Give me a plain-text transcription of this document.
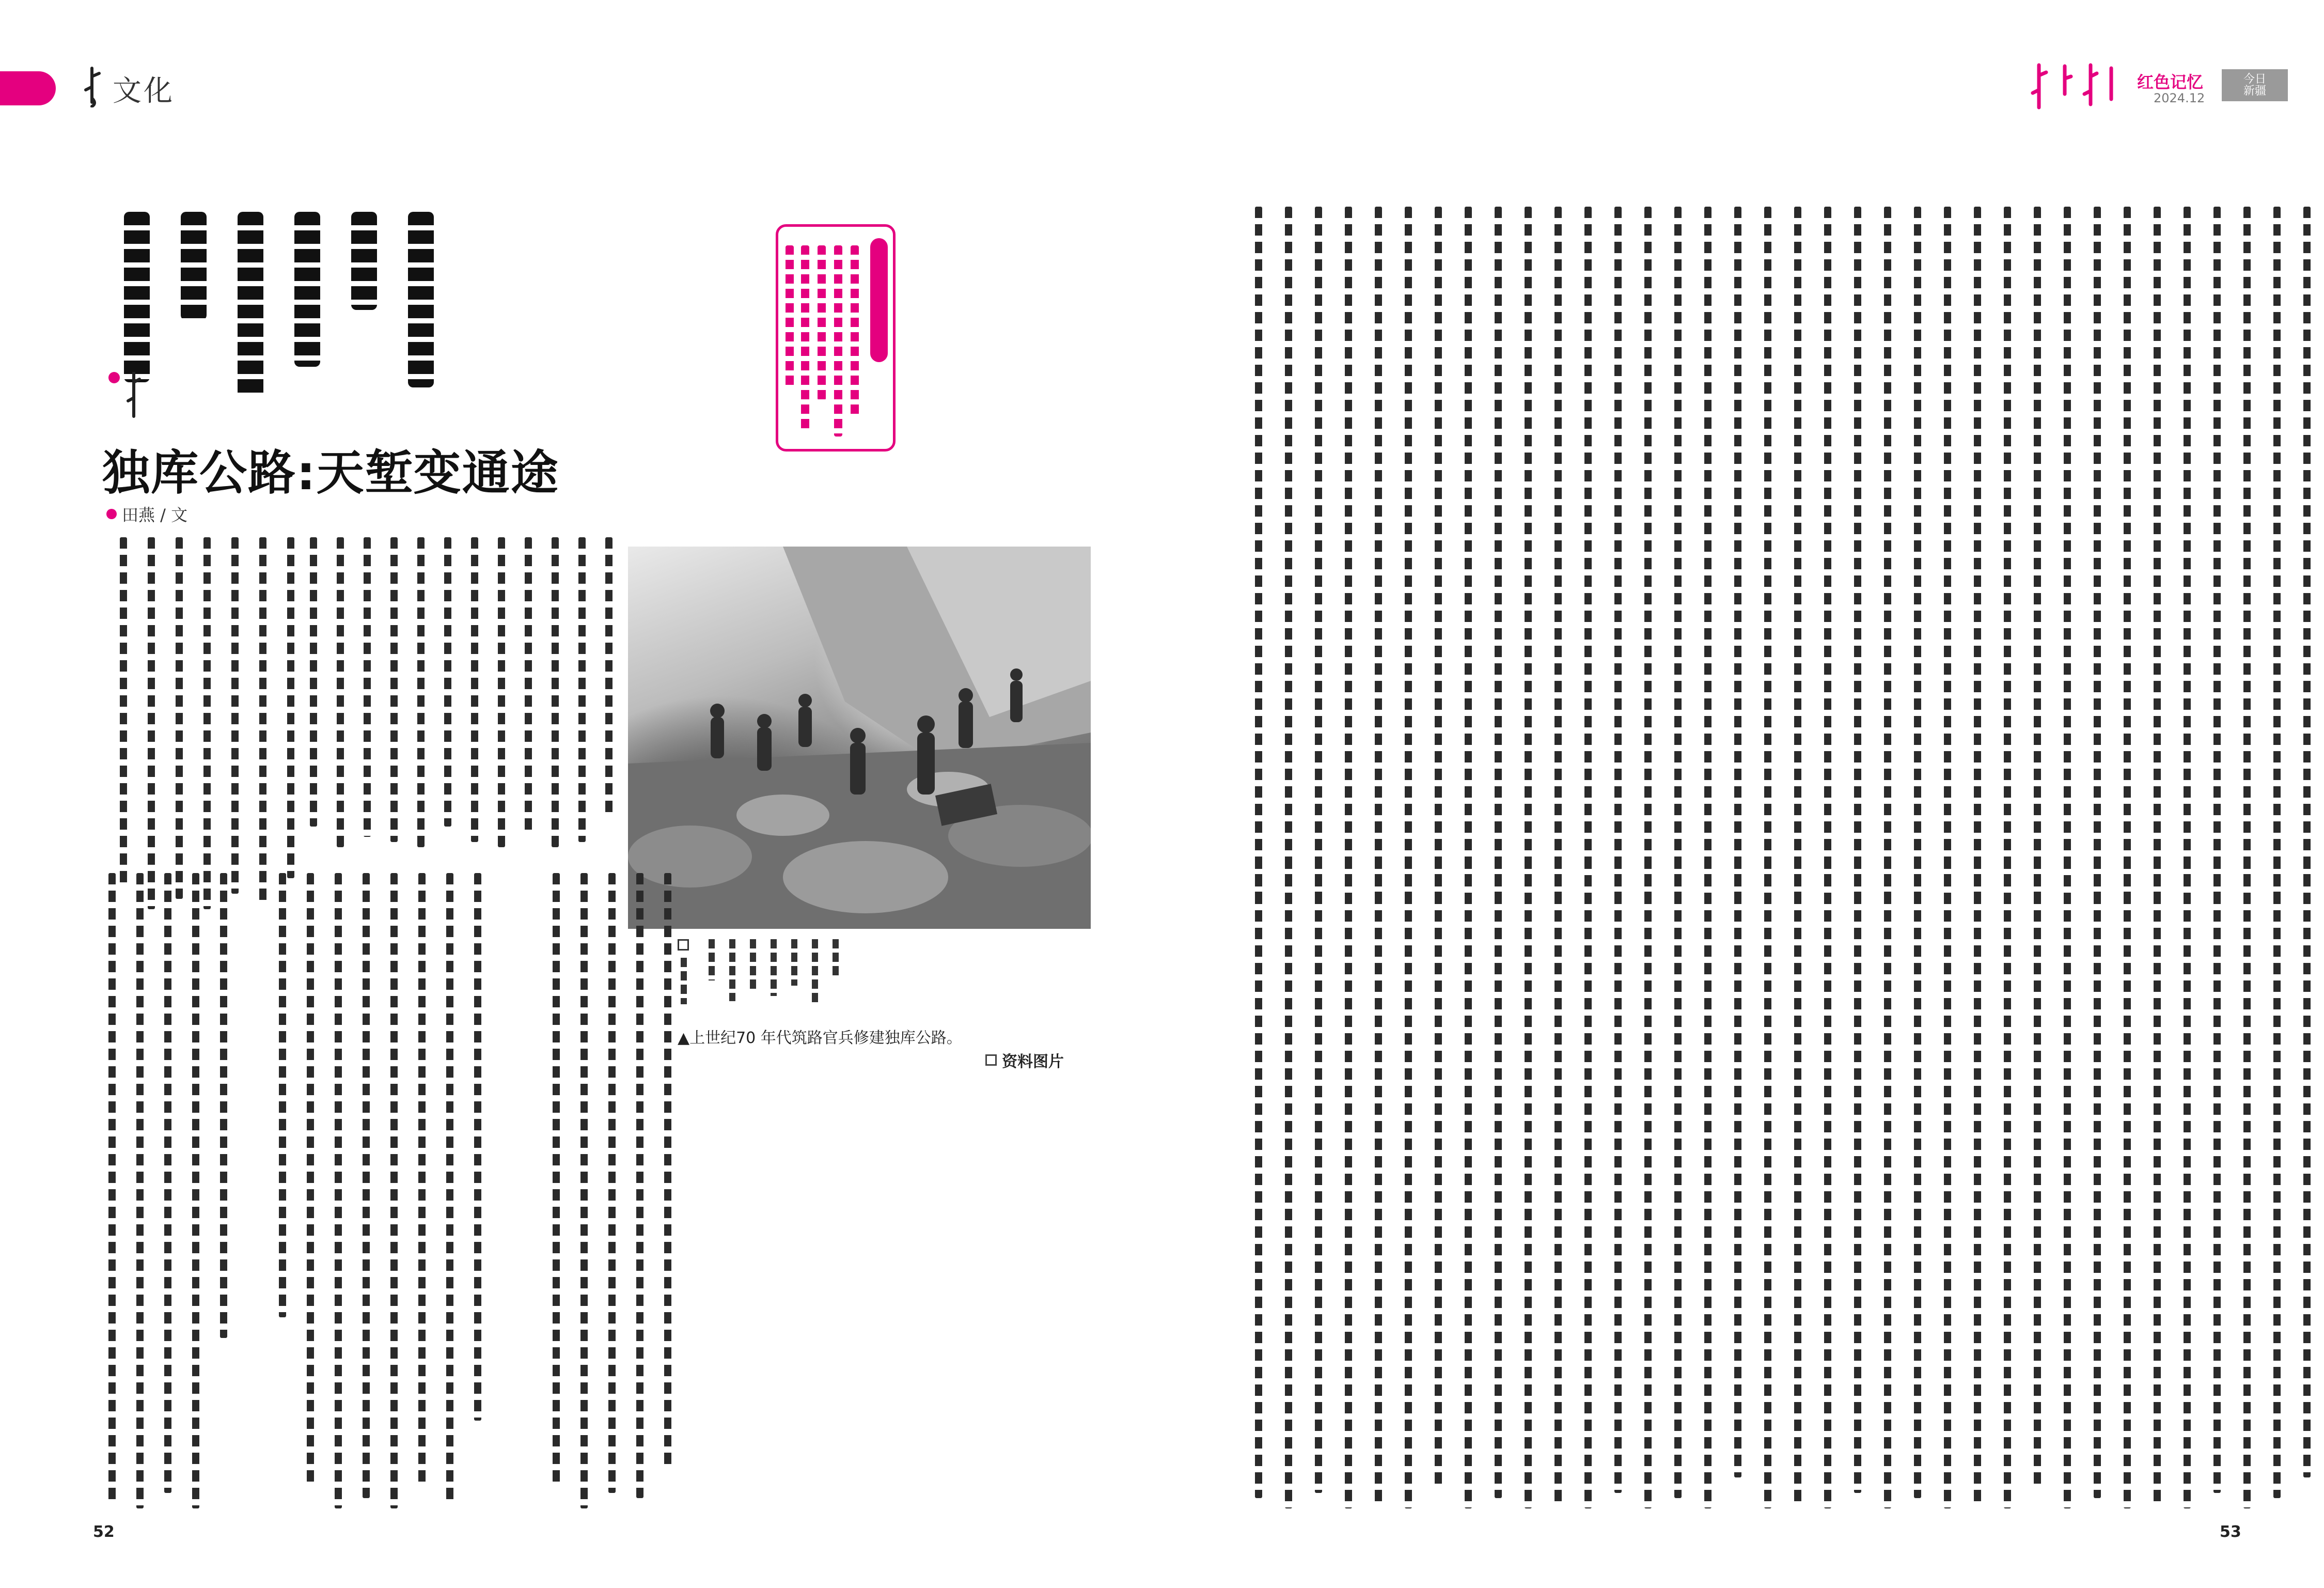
文化
独库公路:天堑变通途
田燕 / 文
▲上世纪70 年代筑路官兵修建独库公路。
资料图片
52
红色记忆
2024.12
今日
新疆
53
